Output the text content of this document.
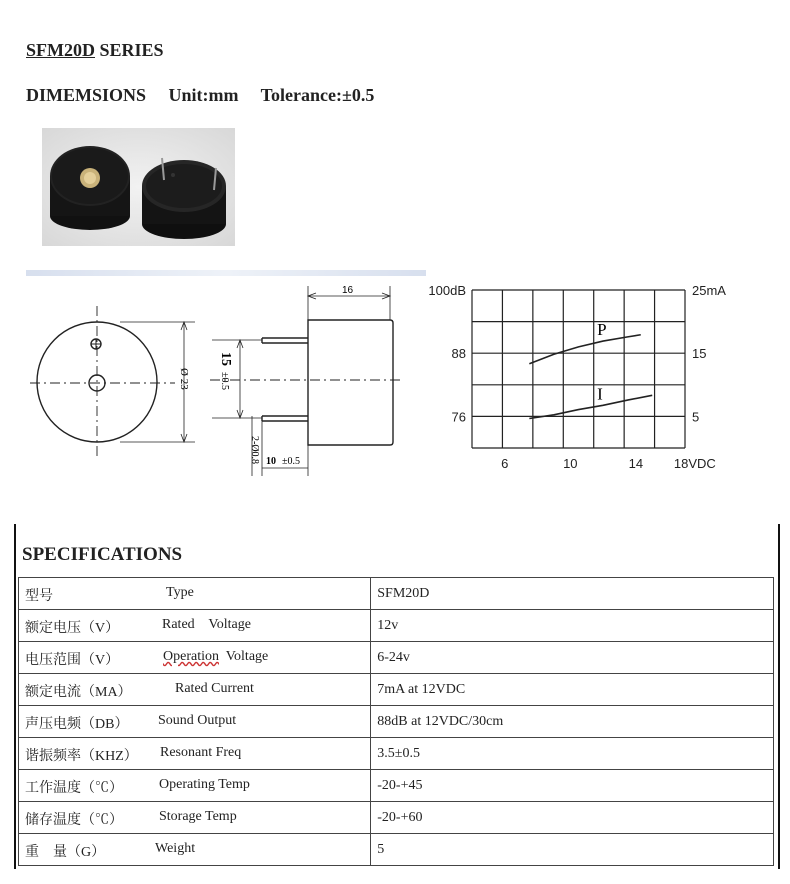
SFM20D SERIES
DIMEMSIONS     Unit:mm     Tolerance:±0.5
16
Ø 23
15
±0.5
2-Ø0.8 10 ±0.5
P
I
100dB
88
76
25mA
15
5
6	10	14 18VDC
SPECIFICATIONS
型号 Type	SFM20D

额定电压（V） Rated    Voltage	12v

电压范围（V） Operation  Voltage	6-24v

额定电流（MA） Rated Current	7mA at 12VDC

声压电频（DB） Sound Output	88dB at 12VDC/30cm

谐振频率（KHZ） Resonant Freq	3.5±0.5

工作温度（℃） Operating Temp	-20-+45

储存温度（℃） Storage Temp	-20-+60

重    量（G） Weight	5
